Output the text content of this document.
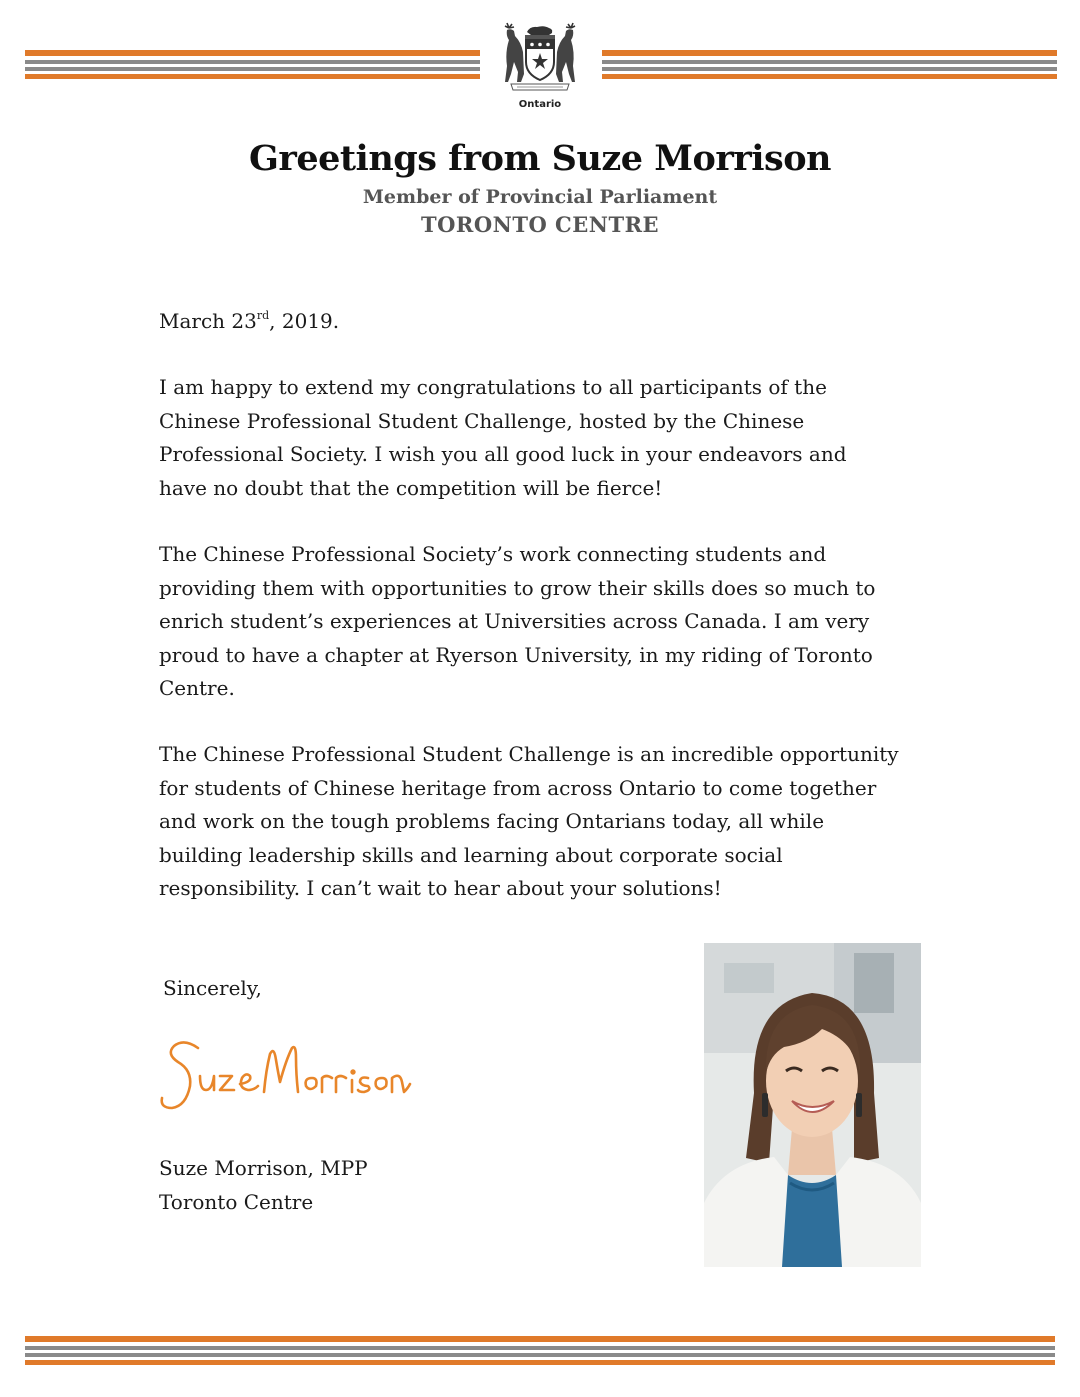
Ontario
Greetings from Suze Morrison
Member of Provincial Parliament
TORONTO CENTRE
March 23rd, 2019.
I am happy to extend my congratulations to all participants of the
Chinese Professional Student Challenge, hosted by the Chinese
Professional Society. I wish you all good luck in your endeavors and
have no doubt that the competition will be fierce!
The Chinese Professional Society’s work connecting students and
providing them with opportunities to grow their skills does so much to
enrich student’s experiences at Universities across Canada. I am very
proud to have a chapter at Ryerson University, in my riding of Toronto
Centre.
The Chinese Professional Student Challenge is an incredible opportunity
for students of Chinese heritage from across Ontario to come together
and work on the tough problems facing Ontarians today, all while
building leadership skills and learning about corporate social
responsibility. I can’t wait to hear about your solutions!
Sincerely,
Suze Morrison, MPP
Toronto Centre
